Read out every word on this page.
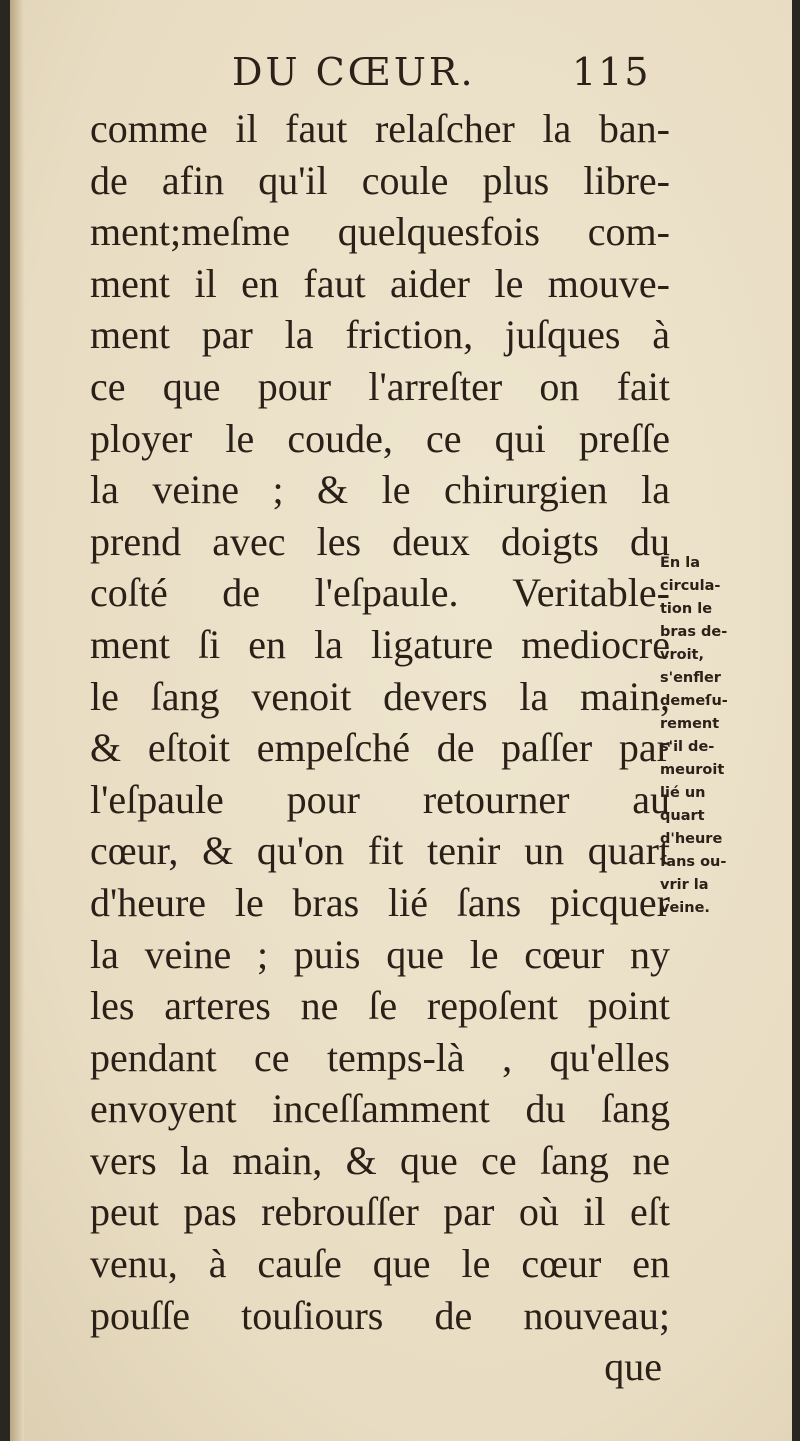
DU CŒUR.	115
comme il faut relaſcher la ban-
de afin qu'il coule plus libre-
ment;meſme quelquesfois com-
ment il en faut aider le mouve-
ment par la friction, juſques à
ce que pour l'arreſter on fait
ployer le coude, ce qui preſſe
la veine ; & le chirurgien la
prend avec les deux doigts du
coſté de l'eſpaule. Veritable-
ment ſi en la ligature mediocre
le ſang venoit devers la main,
& eſtoit empeſché de paſſer par
l'eſpaule pour retourner au
cœur, & qu'on fit tenir un quart
d'heure le bras lié ſans picquer
la veine ; puis que le cœur ny
les arteres ne ſe repoſent point
pendant ce temps-là , qu'elles
envoyent inceſſamment du ſang
vers la main, & que ce ſang ne
peut pas rebrouſſer par où il eſt
venu, à cauſe que le cœur en
pouſſe touſiours de nouveau;
que
En la
circula-
tion le
bras de-
vroit,
s'enfler
demeſu-
rement
s'il de-
meuroit
lié un
quart
d'heure
ſans ou-
vrir la
veine.
